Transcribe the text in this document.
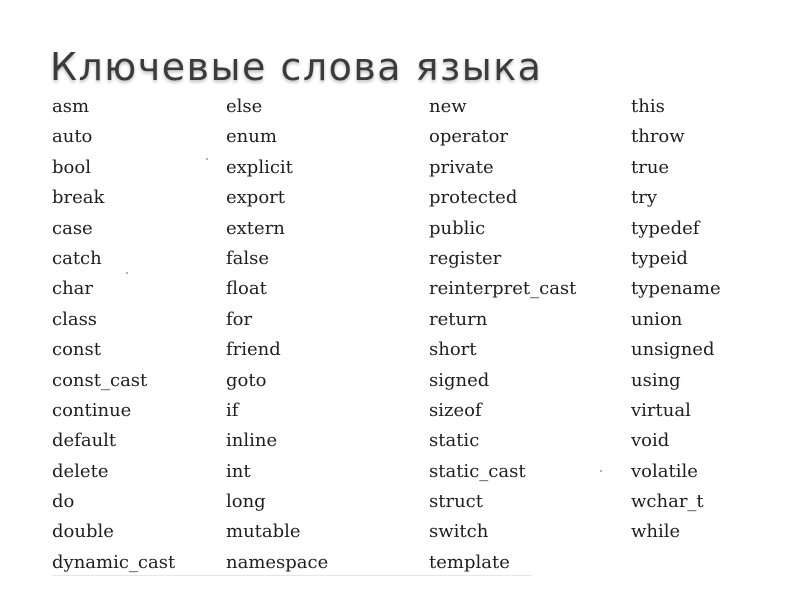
Ключевые слова языка
asm
auto
bool
break
case
catch
char
class
const
const_cast
continue
default
delete
do
double
dynamic_cast
else
enum
explicit
export
extern
false
float
for
friend
goto
if
inline
int
long
mutable
namespace
new
operator
private
protected
public
register
reinterpret_cast
return
short
signed
sizeof
static
static_cast
struct
switch
template
this
throw
true
try
typedef
typeid
typename
union
unsigned
using
virtual
void
volatile
wchar_t
while
